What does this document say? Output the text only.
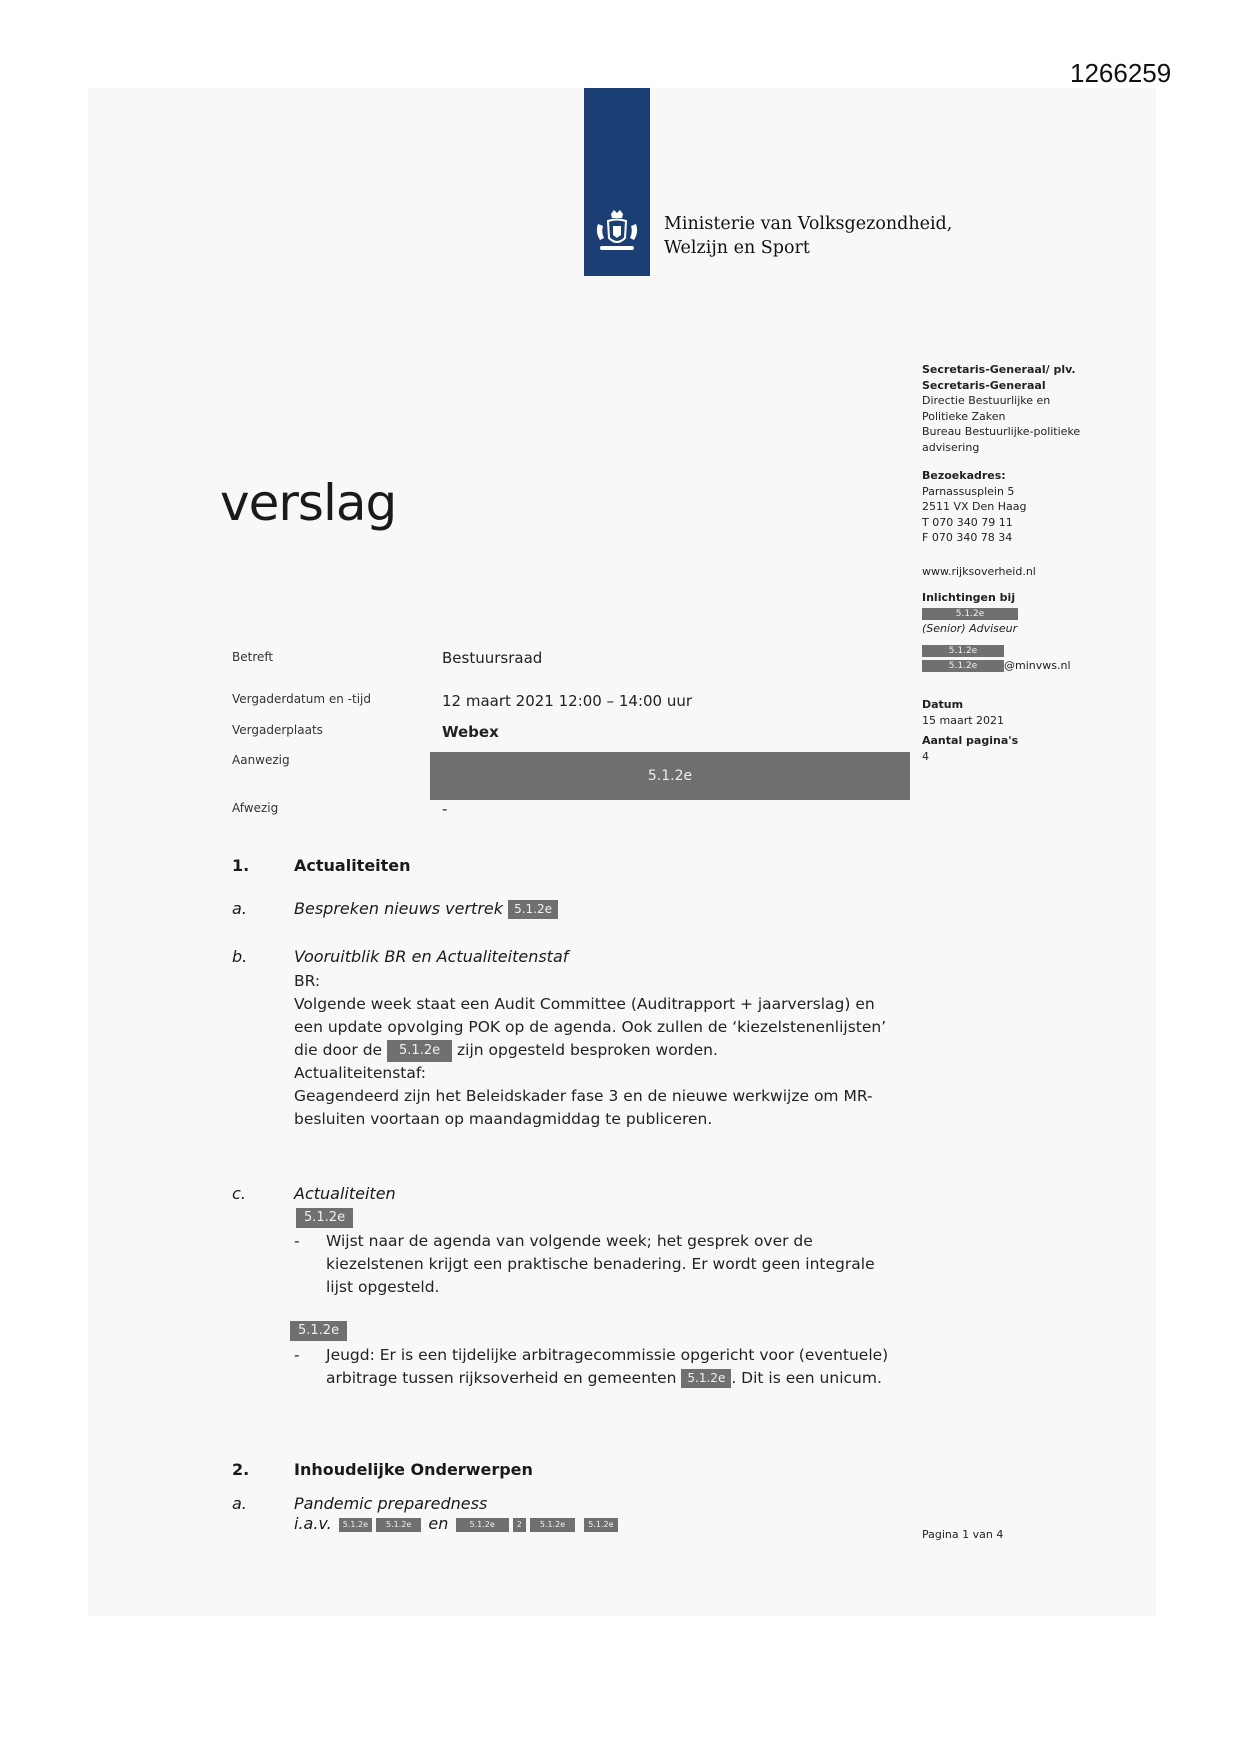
1266259
Ministerie van Volksgezondheid,
Welzijn en Sport
verslag
Secretaris-Generaal/ plv.
Secretaris-Generaal
Directie Bestuurlijke en
Politieke Zaken
Bureau Bestuurlijke-politieke
advisering
Bezoekadres:
Parnassusplein 5
2511 VX Den Haag
T 070 340 79 11
F 070 340 78 34
www.rijksoverheid.nl
Inlichtingen bij
5.1.2e
(Senior) Adviseur
5.1.2e
5.1.2e @minvws.nl
Datum
15 maart 2021
Aantal pagina's
4
Betreft	Bestuursraad
Vergaderdatum en -tijd	12 maart 2021 12:00 – 14:00 uur
Vergaderplaats	Webex
Aanwezig
5.1.2e
Afwezig	-
1.	Actualiteiten
a.	Bespreken nieuws vertrek 5.1.2e
b.	Vooruitblik BR en Actualiteitenstaf

BR:

Volgende week staat een Audit Committee (Auditrapport + jaarverslag) en een update opvolging POK op de agenda. Ook zullen de ‘kiezelstenenlijsten’ die door de 5.1.2e zijn opgesteld besproken worden.

Actualiteitenstaf:

Geagendeerd zijn het Beleidskader fase 3 en de nieuwe werkwijze om MR-besluiten voortaan op maandagmiddag te publiceren.

c.	Actualiteiten
5.1.2e
- Wijst naar de agenda van volgende week; het gesprek over de kiezelstenen krijgt een praktische benadering. Er wordt geen integrale lijst opgesteld.
5.1.2e
- Jeugd: Er is een tijdelijke arbitragecommissie opgericht voor (eventuele) arbitrage tussen rijksoverheid en gemeenten 5.1.2e . Dit is een unicum.
2.	Inhoudelijke Onderwerpen
a.	Pandemic preparedness
i.a.v. 5.1.2e 5.1.2e en	5.1.2e	2 5.1.2e	5.1.2e
Pagina 1 van 4
